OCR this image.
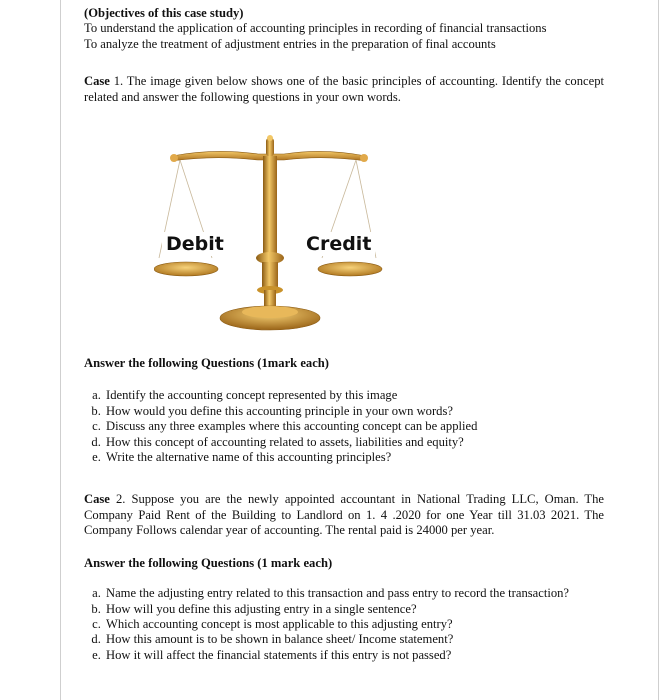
(Objectives of this case study)

To understand the application of accounting principles in recording of financial transactions

To analyze the treatment of adjustment entries in the preparation of final accounts

Case 1. The image given below shows one of the basic principles of accounting. Identify the concept related and answer the following questions in your own words.

Debit	Credit

Answer the following Questions (1mark each)

a. Identify the accounting concept represented by this image
b. How would you define this accounting principle in your own words?
c. Discuss any three examples where this accounting concept can be applied
d. How this concept of accounting related to assets, liabilities and equity?
e. Write the alternative name of this accounting principles?

Case 2. Suppose you are the newly appointed accountant in National Trading LLC, Oman. The Company Paid Rent of the Building to Landlord on 1. 4 .2020 for one Year till 31.03 2021. The Company Follows calendar year of accounting. The rental paid is 24000 per year.

Answer the following Questions (1 mark each)

a. Name the adjusting entry related to this transaction and pass entry to record the transaction?
b. How will you define this adjusting entry in a single sentence?
c. Which accounting concept is most applicable to this adjusting entry?
d. How this amount is to be shown in balance sheet/ Income statement?
e. How it will affect the financial statements if this entry is not passed?
